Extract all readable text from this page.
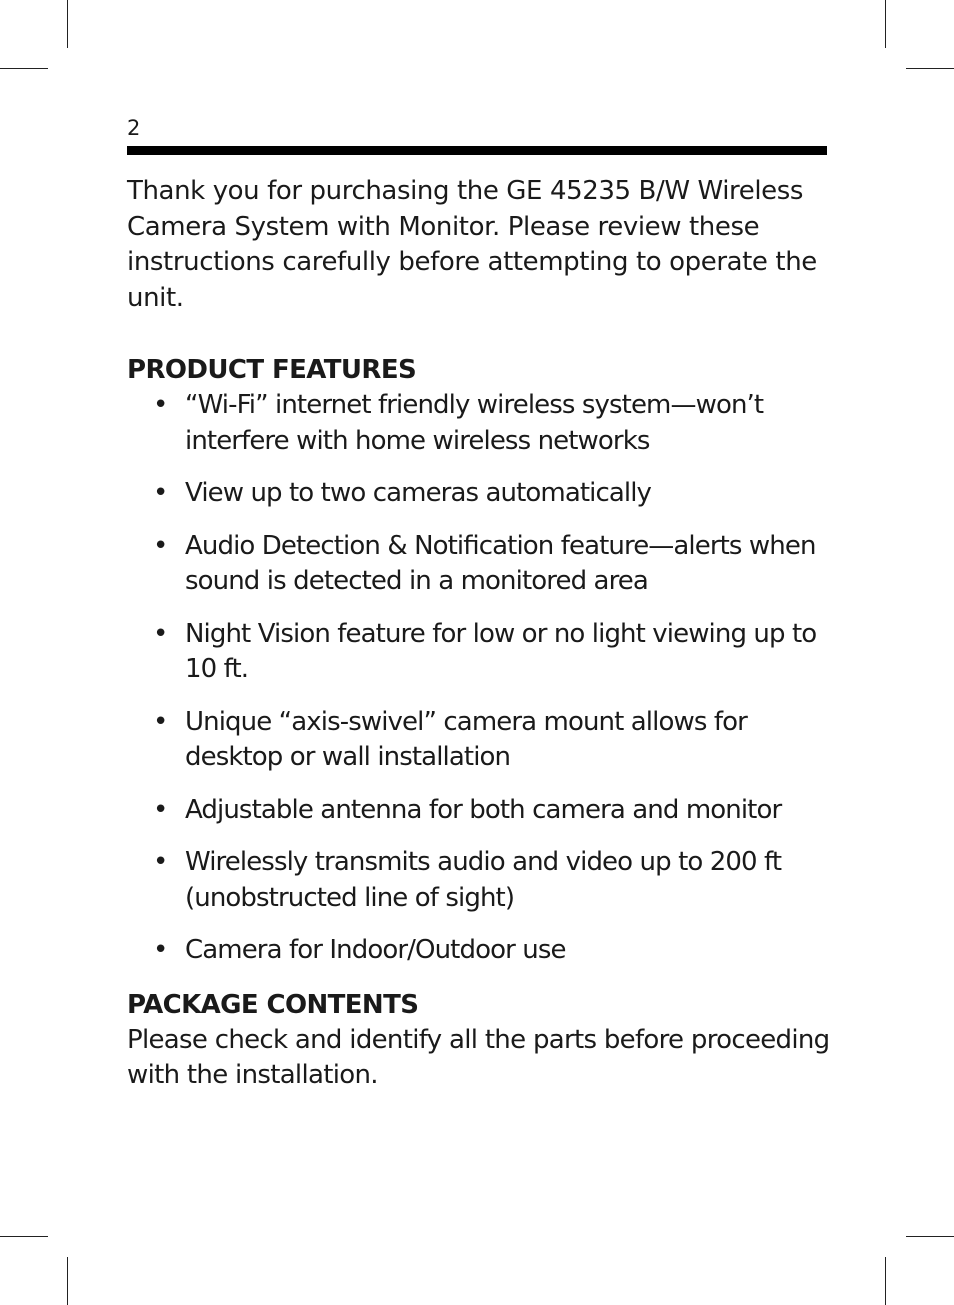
2

Thank you for purchasing the GE 45235 B/W Wireless Camera System with Monitor. Please review these instructions carefully before attempting to operate the unit.

PRODUCT FEATURES
• “Wi-Fi” internet friendly wireless system—won’t interfere with home wireless networks
• View up to two cameras automatically
• Audio Detection & Notiﬁcation feature—alerts when sound is detected in a monitored area
• Night Vision feature for low or no light viewing up to 10 ft.
• Unique “axis-swivel” camera mount allows for desktop or wall installation
• Adjustable antenna for both camera and monitor
• Wirelessly transmits audio and video up to 200 ft (unobstructed line of sight)
• Camera for Indoor/Outdoor use
PACKAGE CONTENTS

Please check and identify all the parts before proceeding with the installation.
